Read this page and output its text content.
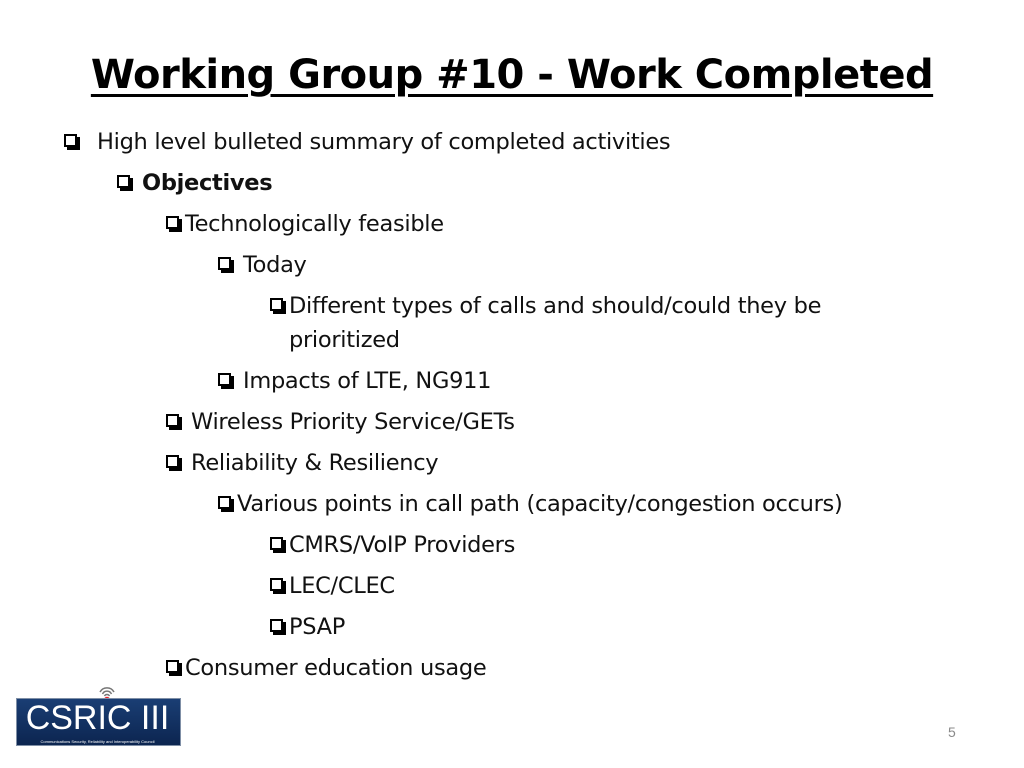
Working Group #10 - Work Completed
High level bulleted summary of completed activities
Objectives
Technologically feasible
Today
Different types of calls and should/could they be
prioritized
Impacts of LTE, NG911
Wireless Priority Service/GETs
Reliability & Resiliency
Various points in call path (capacity/congestion occurs)
CMRS/VoIP Providers
LEC/CLEC
PSAP
Consumer education usage
CSRIC III
Communications Security, Reliability and Interoperability Council
5
